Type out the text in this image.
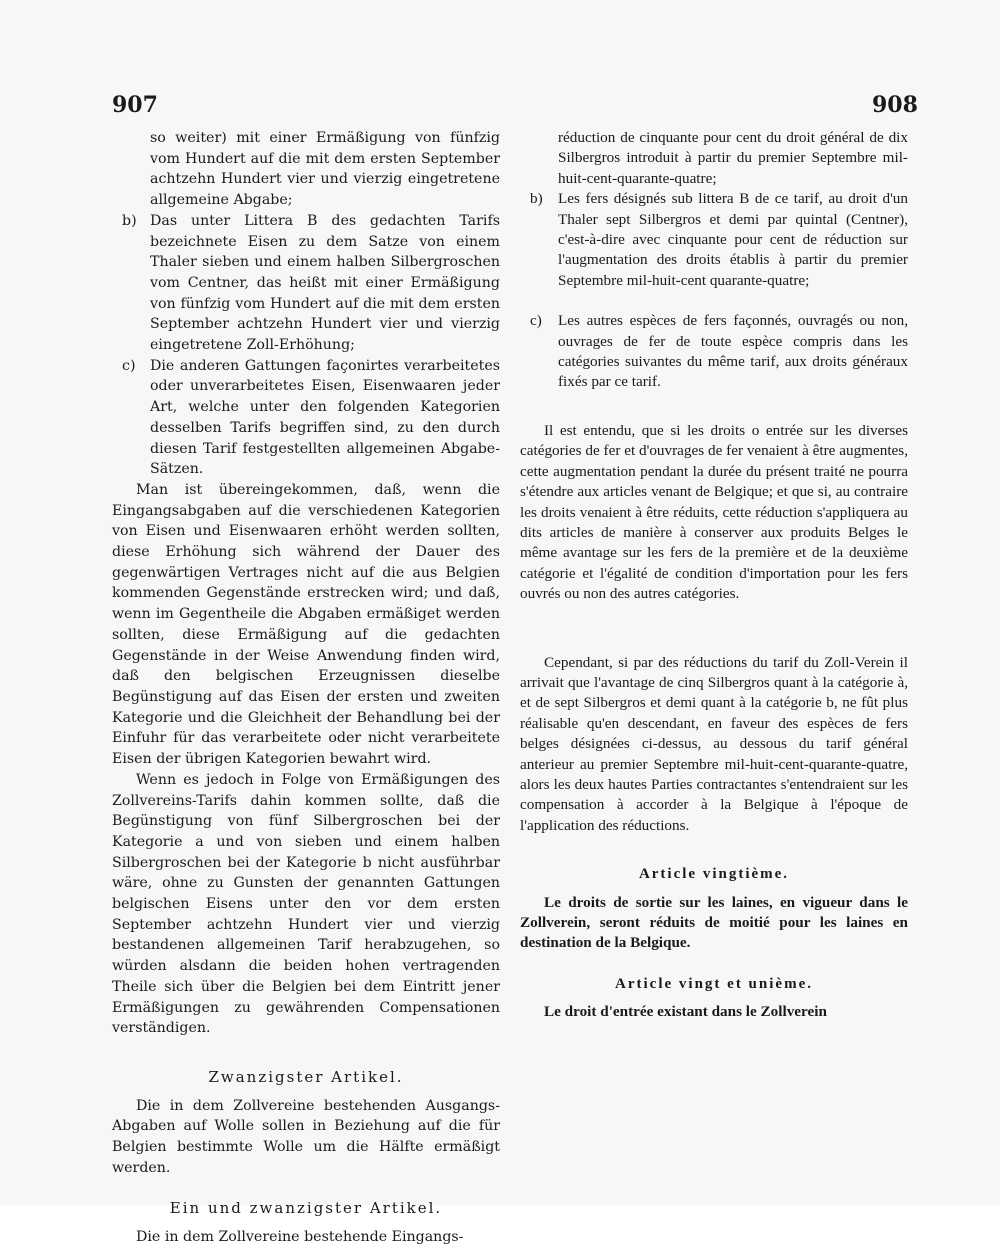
907	908

so weiter) mit einer Ermäßigung von fünfzig vom Hundert auf die mit dem ersten September achtzehn Hundert vier und vierzig eingetretene allgemeine Abgabe;

b) Das unter Littera B des gedachten Tarifs bezeichnete Eisen zu dem Satze von einem Thaler sieben und einem halben Silbergroschen vom Centner, das heißt mit einer Ermäßigung von fünfzig vom Hundert auf die mit dem ersten September achtzehn Hundert vier und vierzig eingetretene Zoll-Erhöhung;
c) Die anderen Gattungen façonirtes verarbeitetes oder unverarbeitetes Eisen, Eisenwaaren jeder Art, welche unter den folgenden Kategorien desselben Tarifs begriffen sind, zu den durch diesen Tarif festgestellten allgemeinen Abgabe-Sätzen.

Man ist übereingekommen, daß, wenn die Eingangsabgaben auf die verschiedenen Kategorien von Eisen und Eisenwaaren erhöht werden sollten, diese Erhöhung sich während der Dauer des gegenwärtigen Vertrages nicht auf die aus Belgien kommenden Gegenstände erstrecken wird; und daß, wenn im Gegentheile die Abgaben ermäßiget werden sollten, diese Ermäßigung auf die gedachten Gegenstände in der Weise Anwendung finden wird, daß den belgischen Erzeugnissen dieselbe Begünstigung auf das Eisen der ersten und zweiten Kategorie und die Gleichheit der Behandlung bei der Einfuhr für das verarbeitete oder nicht verarbeitete Eisen der übrigen Kategorien bewahrt wird.

Wenn es jedoch in Folge von Ermäßigungen des Zollvereins-Tarifs dahin kommen sollte, daß die Begünstigung von fünf Silbergroschen bei der Kategorie a und von sieben und einem halben Silbergroschen bei der Kategorie b nicht ausführbar wäre, ohne zu Gunsten der genannten Gattungen belgischen Eisens unter den vor dem ersten September achtzehn Hundert vier und vierzig bestandenen allgemeinen Tarif herabzugehen, so würden alsdann die beiden hohen vertragenden Theile sich über die Belgien bei dem Eintritt jener Ermäßigungen zu gewährenden Compensationen verständigen.

Zwanzigster Artikel.

Die in dem Zollvereine bestehenden Ausgangs-Abgaben auf Wolle sollen in Beziehung auf die für Belgien bestimmte Wolle um die Hälfte ermäßigt werden.

Ein und zwanzigster Artikel.

Die in dem Zollvereine bestehende Eingangs-

réduction de cinquante pour cent du droit général de dix Silbergros introduit à partir du premier Septembre mil-huit-cent-quarante-quatre;

b) Les fers désignés sub littera B de ce tarif, au droit d'un Thaler sept Silbergros et demi par quintal (Centner), c'est-à-dire avec cinquante pour cent de réduction sur l'augmentation des droits établis à partir du premier Septembre mil-huit-cent quarante-quatre;
c) Les autres espèces de fers façonnés, ouvragés ou non, ouvrages de fer de toute espèce compris dans les catégories suivantes du même tarif, aux droits généraux fixés par ce tarif.

Il est entendu, que si les droits o entrée sur les diverses catégories de fer et d'ouvrages de fer venaient à être augmentes, cette augmentation pendant la durée du présent traité ne pourra s'étendre aux articles venant de Belgique; et que si, au contraire les droits venaient à être réduits, cette réduction s'appliquera au dits articles de manière à conserver aux produits Belges le même avantage sur les fers de la première et de la deuxième catégorie et l'égalité de condition d'importation pour les fers ouvrés ou non des autres catégories.

Cependant, si par des réductions du tarif du Zoll-Verein il arrivait que l'avantage de cinq Silbergros quant à la catégorie à, et de sept Silbergros et demi quant à la catégorie b, ne fût plus réalisable qu'en descendant, en faveur des espèces de fers belges désignées ci-dessus, au dessous du tarif général anterieur au premier Septembre mil-huit-cent-quarante-quatre, alors les deux hautes Parties contractantes s'entendraient sur les compensation à accorder à la Belgique à l'époque de l'application des réductions.

Article vingtième.

Le droits de sortie sur les laines, en vigueur dans le Zollverein, seront réduits de moitié pour les laines en destination de la Belgique.

Article vingt et unième.

Le droit d'entrée existant dans le Zollverein
